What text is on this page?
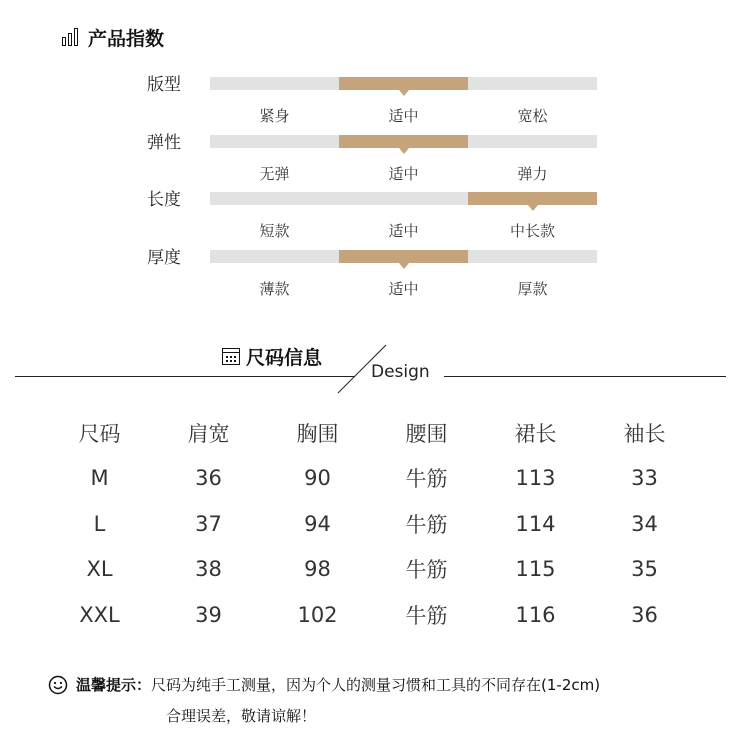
产品指数
版型
紧身	适中	宽松
弹性
无弹	适中	弹力
长度
短款	适中	中长款
厚度
薄款	适中	厚款
尺码信息
Design
尺码	肩宽	胸围	腰围	裙长	袖长
M	36	90	牛筋	113	33
L	37	94	牛筋	114	34
XL	38	98	牛筋	115	35
XXL	39	102	牛筋	116	36
温馨提示： 尺码为纯手工测量，因为个人的测量习惯和工具的不同存在(1-2cm)
合理误差，敬请谅解！
